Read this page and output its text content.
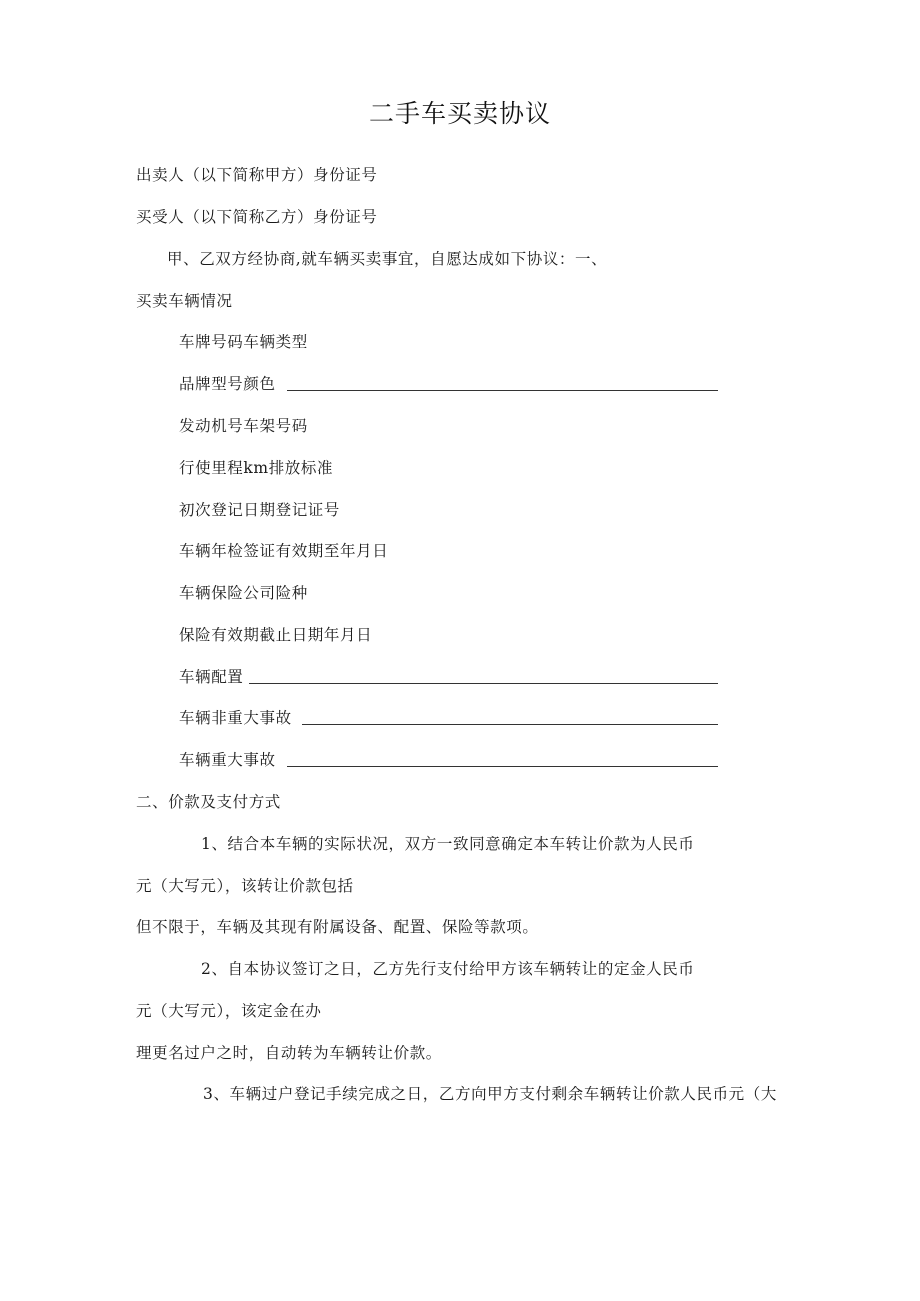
二手车买卖协议
出卖人（以下简称甲方）身份证号
买受人（以下简称乙方）身份证号
甲、乙双方经协商,就车辆买卖事宜，自愿达成如下协议：一、
买卖车辆情况
车牌号码车辆类型
品牌型号颜色
发动机号车架号码
行使里程km排放标准
初次登记日期登记证号
车辆年检签证有效期至年月日
车辆保险公司险种
保险有效期截止日期年月日
车辆配置
车辆非重大事故
车辆重大事故
二、价款及支付方式
1、结合本车辆的实际状况，双方一致同意确定本车转让价款为人民币
元（大写元），该转让价款包括
但不限于，车辆及其现有附属设备、配置、保险等款项。
2、自本协议签订之日，乙方先行支付给甲方该车辆转让的定金人民币
元（大写元），该定金在办
理更名过户之时，自动转为车辆转让价款。
3、车辆过户登记手续完成之日，乙方向甲方支付剩余车辆转让价款人民币元（大
